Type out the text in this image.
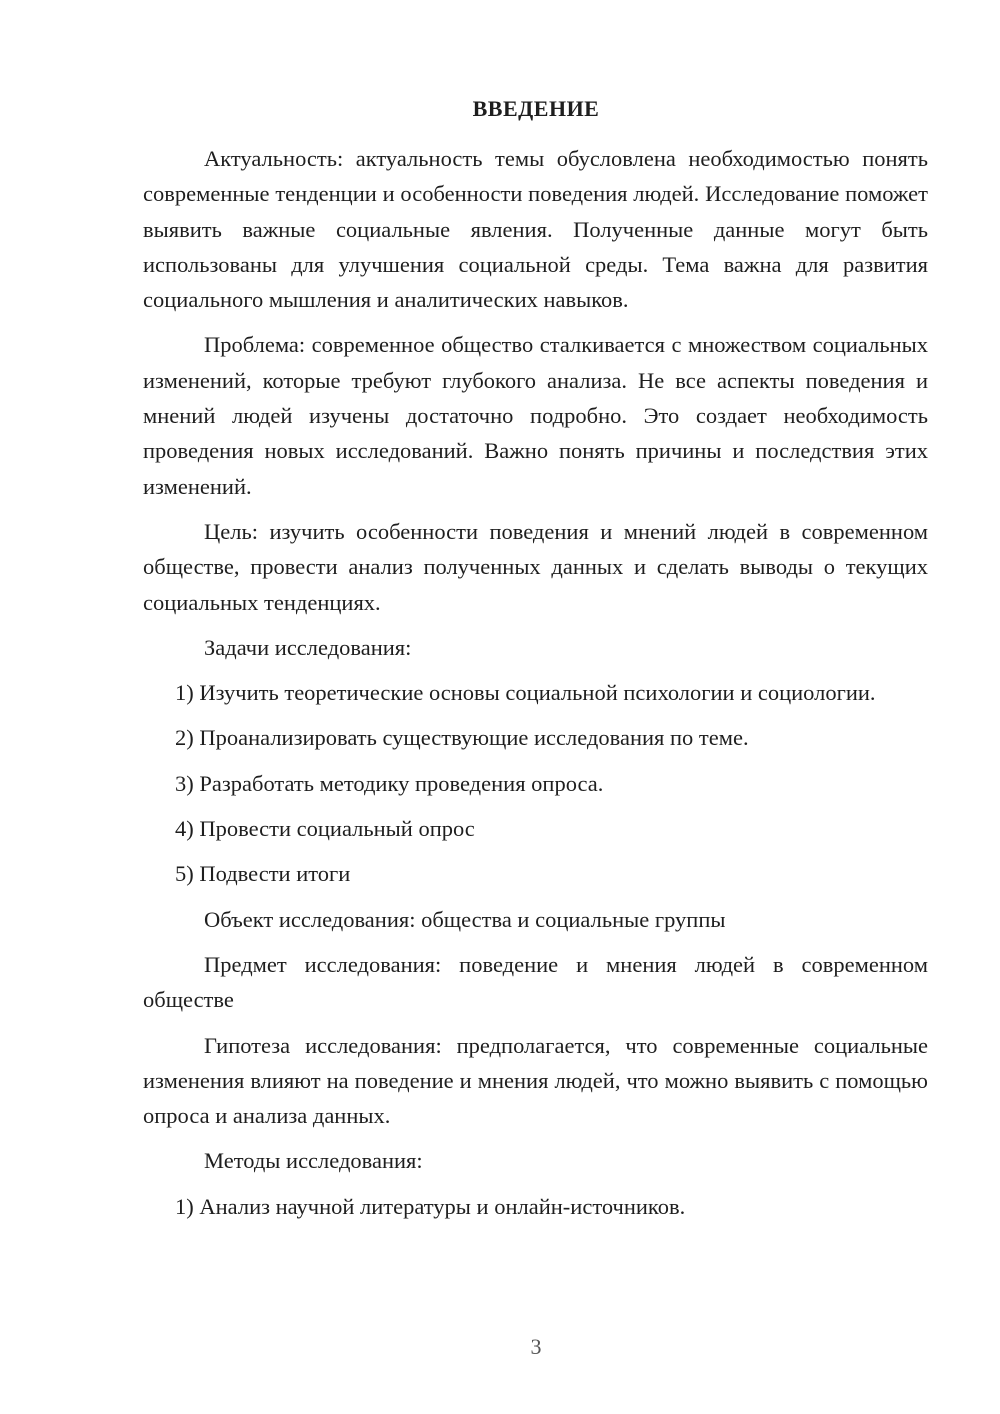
ВВЕДЕНИЕ

Актуальность: актуальность темы обусловлена необходимостью понять современные тенденции и особенности поведения людей. Исследование поможет выявить важные социальные явления. Полученные данные могут быть использованы для улучшения социальной среды. Тема важна для развития социального мышления и аналитических навыков.

Проблема: современное общество сталкивается с множеством социальных изменений, которые требуют глубокого анализа. Не все аспекты поведения и мнений людей изучены достаточно подробно. Это создает необходимость проведения новых исследований. Важно понять причины и последствия этих изменений.

Цель: изучить особенности поведения и мнений людей в современном обществе, провести анализ полученных данных и сделать выводы о текущих социальных тенденциях.

Задачи исследования:

1) Изучить теоретические основы социальной психологии и социологии.

2) Проанализировать существующие исследования по теме.

3) Разработать методику проведения опроса.

4) Провести социальный опрос

5) Подвести итоги

Объект исследования: общества и социальные группы

Предмет исследования: поведение и мнения людей в современном обществе

Гипотеза исследования: предполагается, что современные социальные изменения влияют на поведение и мнения людей, что можно выявить с помощью опроса и анализа данных.

Методы исследования:

1) Анализ научной литературы и онлайн-источников.

3
